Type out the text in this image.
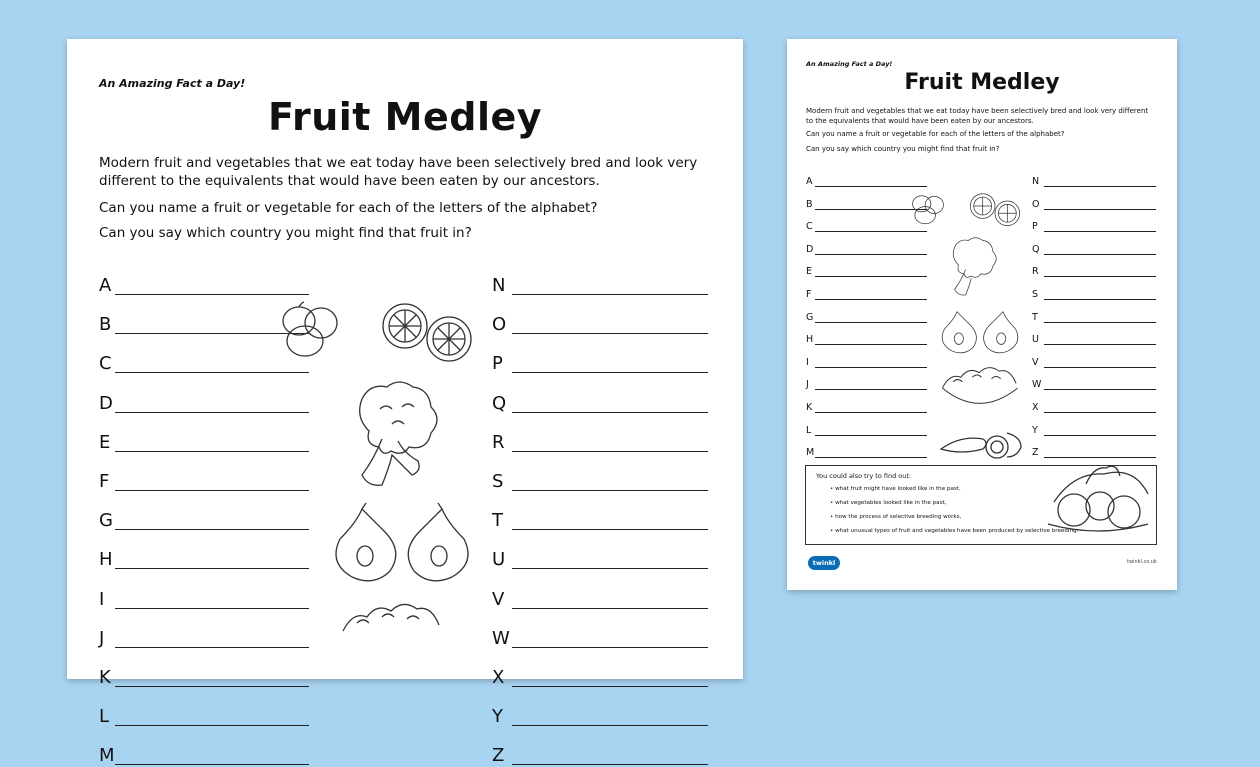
An Amazing Fact a Day!
Fruit Medley
Modern fruit and vegetables that we eat today have been selectively bred and look very different to the equivalents that would have been eaten by our ancestors.
Can you name a fruit or vegetable for each of the letters of the alphabet?
Can you say which country you might find that fruit in?
A
B
C
D
E
F
G
H
I
J
K
L
M
N
O
P
Q
R
S
T
U
V
W
X
Y
Z
An Amazing Fact a Day!
Fruit Medley
Modern fruit and vegetables that we eat today have been selectively bred and look very different to the equivalents that would have been eaten by our ancestors.
Can you name a fruit or vegetable for each of the letters of the alphabet?
Can you say which country you might find that fruit in?
A
B
C
D
E
F
G
H
I
J
K
L
M
N
O
P
Q
R
S
T
U
V
W
X
Y
Z
You could also try to find out:
• what fruit might have looked like in the past,
• what vegetables looked like in the past,
• how the process of selective breeding works,
• what unusual types of fruit and vegetables have been produced by selective breeding.
twinkl	twinkl.co.uk
